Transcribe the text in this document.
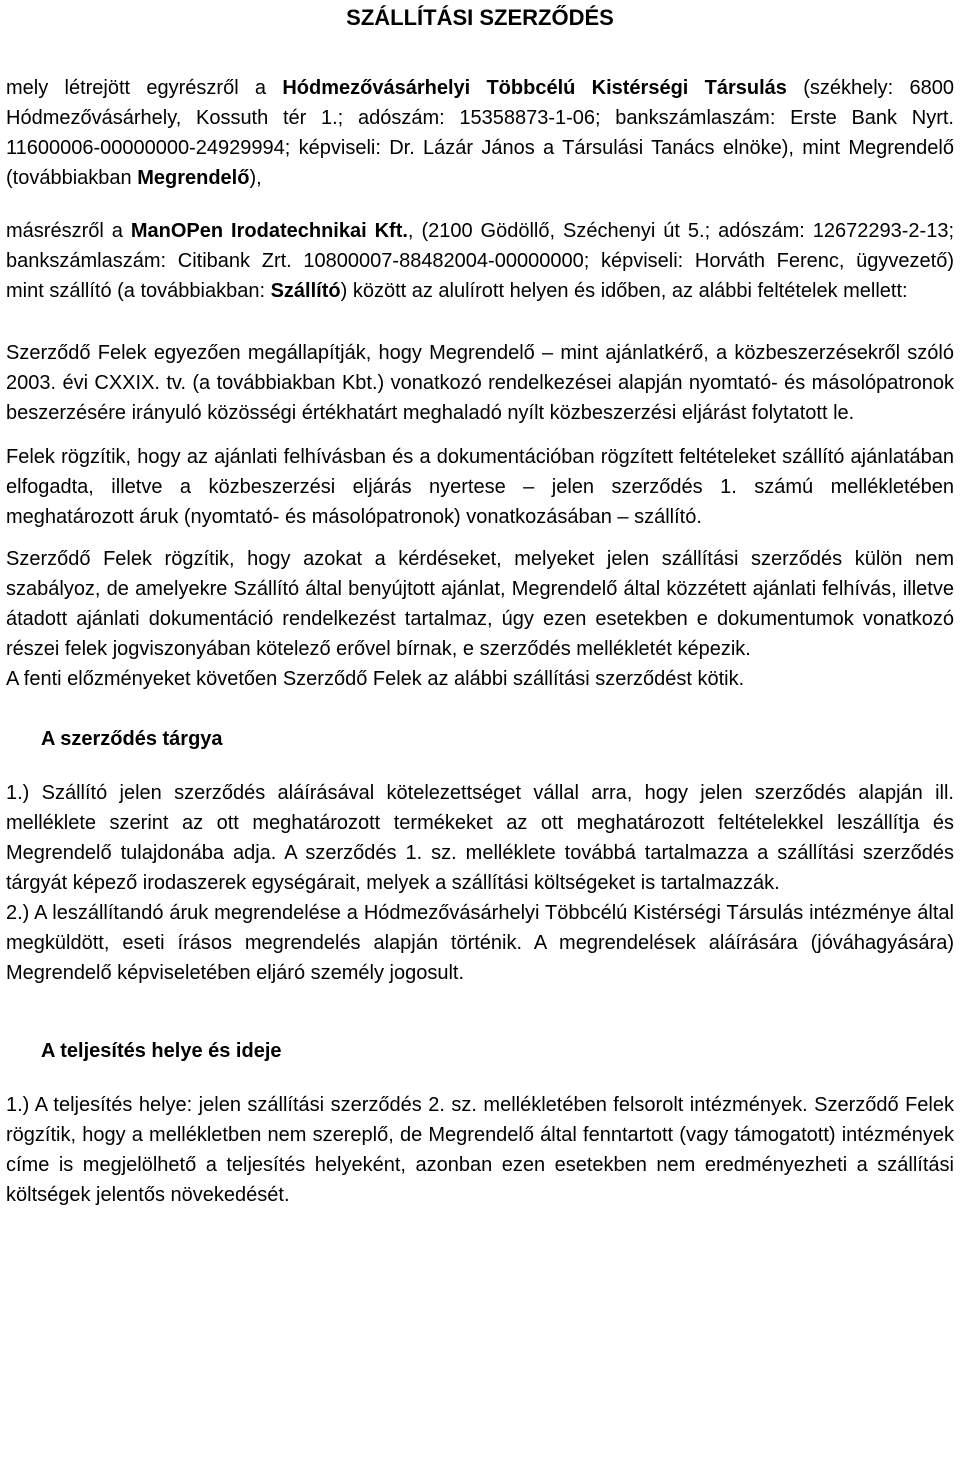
SZÁLLÍTÁSI SZERZŐDÉS

mely létrejött egyrészről a Hódmezővásárhelyi Többcélú Kistérségi Társulás (székhely: 6800 Hódmezővásárhely, Kossuth tér 1.; adószám: 15358873-1-06; bankszámlaszám: Erste Bank Nyrt. 11600006-00000000-24929994; képviseli: Dr. Lázár János a Társulási Tanács elnöke), mint Megrendelő (továbbiakban Megrendelő),

másrészről a ManOPen Irodatechnikai Kft., (2100 Gödöllő, Széchenyi út 5.; adószám: 12672293-2-13; bankszámlaszám: Citibank Zrt. 10800007-88482004-00000000; képviseli: Horváth Ferenc, ügyvezető) mint szállító (a továbbiakban: Szállító) között az alulírott helyen és időben, az alábbi feltételek mellett:

Szerződő Felek egyezően megállapítják, hogy Megrendelő – mint ajánlatkérő, a közbeszerzésekről szóló 2003. évi CXXIX. tv. (a továbbiakban Kbt.) vonatkozó rendelkezései alapján nyomtató- és másolópatronok beszerzésére irányuló közösségi értékhatárt meghaladó nyílt közbeszerzési eljárást folytatott le.

Felek rögzítik, hogy az ajánlati felhívásban és a dokumentációban rögzített feltételeket szállító ajánlatában elfogadta, illetve a közbeszerzési eljárás nyertese – jelen szerződés 1. számú mellékletében meghatározott áruk (nyomtató- és másolópatronok) vonatkozásában – szállító.

Szerződő Felek rögzítik, hogy azokat a kérdéseket, melyeket jelen szállítási szerződés külön nem szabályoz, de amelyekre Szállító által benyújtott ajánlat, Megrendelő által közzétett ajánlati felhívás, illetve átadott ajánlati dokumentáció rendelkezést tartalmaz, úgy ezen esetekben e dokumentumok vonatkozó részei felek jogviszonyában kötelező erővel bírnak, e szerződés mellékletét képezik.

A fenti előzményeket követően Szerződő Felek az alábbi szállítási szerződést kötik.

A szerződés tárgya

1.) Szállító jelen szerződés aláírásával kötelezettséget vállal arra, hogy jelen szerződés alapján ill. melléklete szerint az ott meghatározott termékeket az ott meghatározott feltételekkel leszállítja és Megrendelő tulajdonába adja. A szerződés 1. sz. melléklete továbbá tartalmazza a szállítási szerződés tárgyát képező irodaszerek egységárait, melyek a szállítási költségeket is tartalmazzák.

2.) A leszállítandó áruk megrendelése a Hódmezővásárhelyi Többcélú Kistérségi Társulás intézménye által megküldött, eseti írásos megrendelés alapján történik. A megrendelések aláírására (jóváhagyására) Megrendelő képviseletében eljáró személy jogosult.

A teljesítés helye és ideje

1.) A teljesítés helye: jelen szállítási szerződés 2. sz. mellékletében felsorolt intézmények. Szerződő Felek rögzítik, hogy a mellékletben nem szereplő, de Megrendelő által fenntartott (vagy támogatott) intézmények címe is megjelölhető a teljesítés helyeként, azonban ezen esetekben nem eredményezheti a szállítási költségek jelentős növekedését.
